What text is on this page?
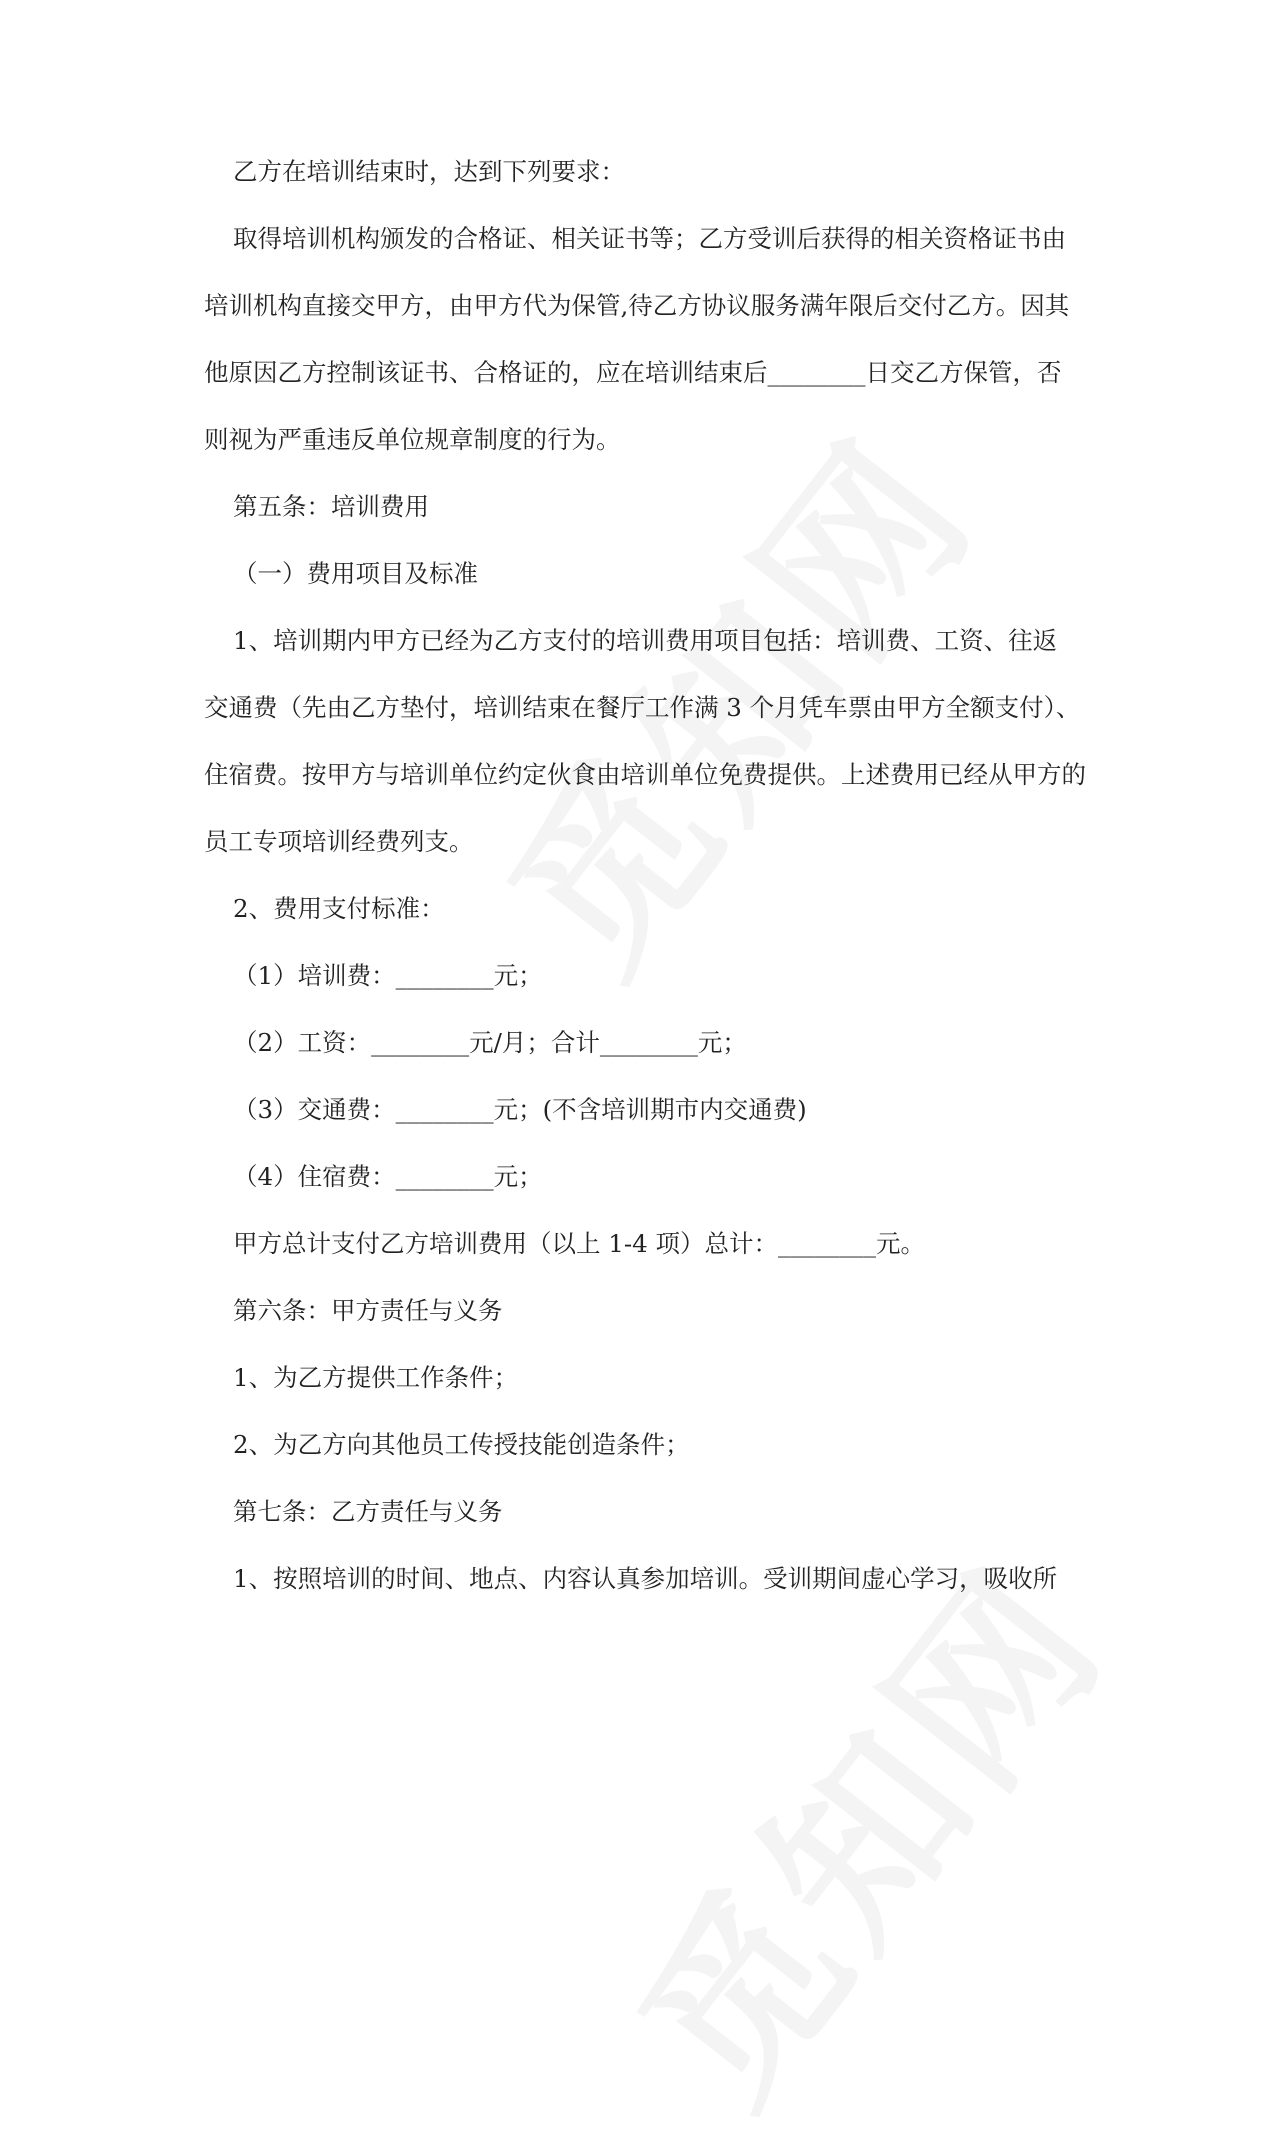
乙方在培训结束时，达到下列要求：
取得培训机构颁发的合格证、相关证书等；乙方受训后获得的相关资格证书由
培训机构直接交甲方，由甲方代为保管,待乙方协议服务满年限后交付乙方。因其
他原因乙方控制该证书、合格证的，应在培训结束后________日交乙方保管，否
则视为严重违反单位规章制度的行为。
第五条：培训费用
（一）费用项目及标准
1、培训期内甲方已经为乙方支付的培训费用项目包括：培训费、工资、往返
交通费（先由乙方垫付，培训结束在餐厅工作满 3 个月凭车票由甲方全额支付）、
住宿费。按甲方与培训单位约定伙食由培训单位免费提供。上述费用已经从甲方的
员工专项培训经费列支。
2、费用支付标准：
（1）培训费：________元；
（2）工资：________元/月；合计________元；
（3）交通费：________元；(不含培训期市内交通费)
（4）住宿费：________元；
甲方总计支付乙方培训费用（以上 1-4 项）总计：________元。
第六条：甲方责任与义务
1、为乙方提供工作条件；
2、为乙方向其他员工传授技能创造条件；
第七条：乙方责任与义务
1、按照培训的时间、地点、内容认真参加培训。受训期间虚心学习，吸收所
